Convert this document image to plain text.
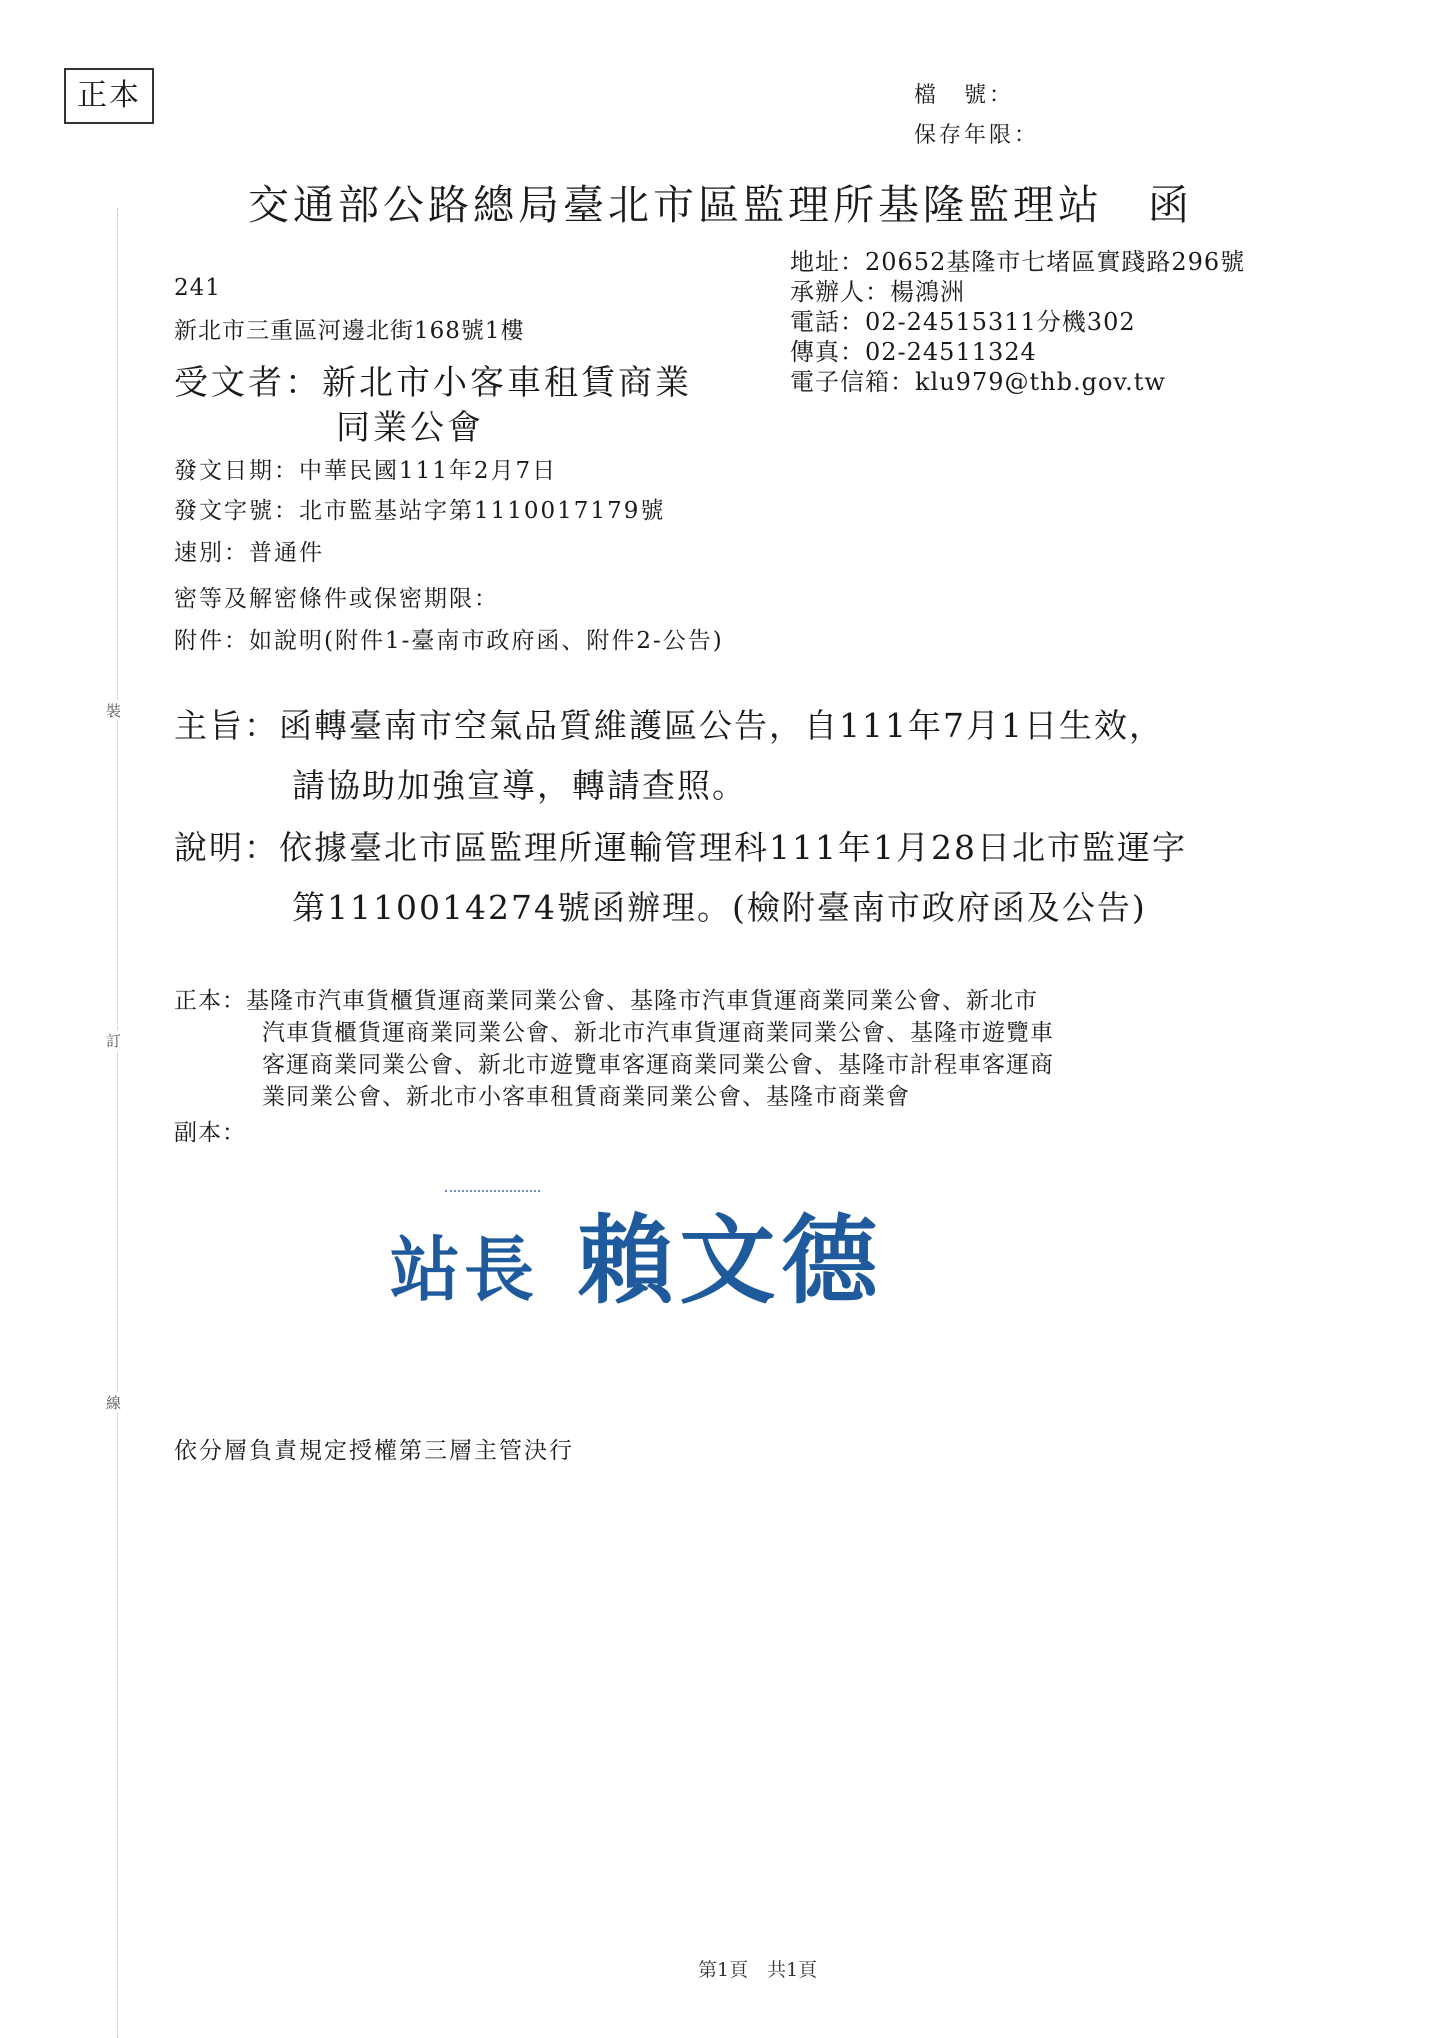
正本	檔　號：
保存年限：
交通部公路總局臺北市區監理所基隆監理站　函
地址：20652基隆市七堵區實踐路296號
承辦人：楊鴻洲
電話：02-24515311分機302
傳真：02-24511324
電子信箱：klu979@thb.gov.tw
241
新北市三重區河邊北街168號1樓
受文者：新北市小客車租賃商業
同業公會
發文日期：中華民國111年2月7日
發文字號：北市監基站字第1110017179號
速別：普通件
密等及解密條件或保密期限：
附件：如說明(附件1-臺南市政府函、附件2-公告)
主旨：函轉臺南市空氣品質維護區公告，自111年7月1日生效，
請協助加強宣導，轉請查照。
說明：依據臺北市區監理所運輸管理科111年1月28日北市監運字
第1110014274號函辦理。(檢附臺南市政府函及公告)
正本：基隆市汽車貨櫃貨運商業同業公會、基隆市汽車貨運商業同業公會、新北市
汽車貨櫃貨運商業同業公會、新北市汽車貨運商業同業公會、基隆市遊覽車
客運商業同業公會、新北市遊覽車客運商業同業公會、基隆市計程車客運商
業同業公會、新北市小客車租賃商業同業公會、基隆市商業會
副本：
站長 賴文德
依分層負責規定授權第三層主管決行
裝
訂
線
第1頁　共1頁
